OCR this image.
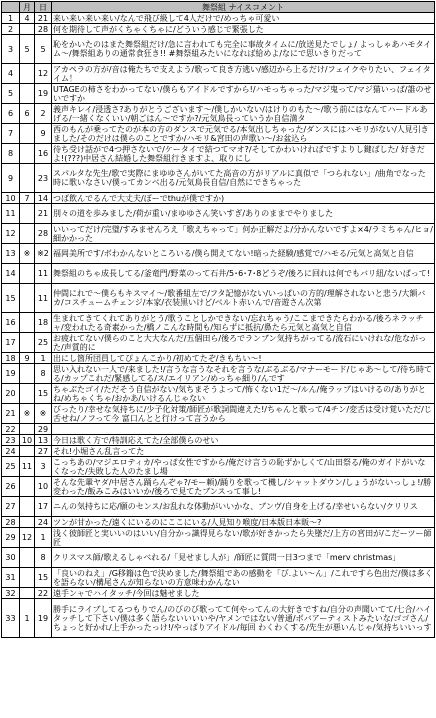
	月	日	舞祭組 ナイスコメント
1	4	21	来い来い来い来い/なんで飛び級して4人だけで/めっちゃ可愛い
2		28	何を期待して声がくちゃくちゃに/どういう感じで緊張した
3	5	5	恥をかいたのはまた舞祭組だけ/急に言われても完全に事故タイムに/放送見たでしょ/ よっしゃあハモタイム〜/舞祭組ありの通常食狂き!! #舞祭組みたいになれば給めよ/なにで思いきりだって
4		12	アカペラの方が/音は俺たちで支えよう/歌って良き方逃い/感辺から上るだけ/フェイクやりたい、フェイタイム！
5		19	UTAGEの柿さをわかってない/僕らもアイドルですから!/ハモっちゃった/マジ鬼って/マジ猫いっぱ/誰のせいですか
6	6	2	義声キレイ/浸透さ?ありがとうございます〜/僕しかいない/はけりのもた〜/歌う前にはなんてハードルあげる/一緒くなくいい/朝ごはん〜ですか?/元気鳥長っていうか自信満タ
7		9	西のもんが乗ってたのが本の方のダンスで元気でる/本気出しちゃった/ダンスにはハモリがない/人見引きました/そのだけは僕らのことですか/ハモリ&宮田の声歌い〜/お盆込ら
8		16	待ち受け話がで4つ押さないで/ケータイで結つてマオ?/そしてかわいければですよりし鍵ばした/ 好きだよ!(???)中居さん結婚した舞祭組行きますよ、取りにし
9		23	スパルタな先生/歌で実際にまゆゆさんがいてた高音の方がリアルに真似で「つられない」/曲角でなった時に歌いなさい/僕ってカンベ出る/元気鳥長自信/自然にできちゃった
10	7	14	つば飲んでるんで大丈夫/ぼーでthuが僕ですか)
11		21	別々の道を歩みました/荷が重い/まゆゆさん笑いすぎ/ありのままでやりました
12		28	いいってだけ/完璧/すみませんろえ「歌えちゃって」何か正解だよ/分かんないですよ×4/ラミちゃん/ヒョ/細かかった
13	※	※2	福岡美所です/ボわかんないところいる/僕ら開えてない!暗った経験/感覚で/ハモる/元気と高気と自信
14		11	舞祭組のちゃ成長してる/釜竜門/野菜のって石井/5･6･7･8どうぞ/後ろに回れは何でもバリ紐/ないぱって!
15		11	仲間にれで〜僕らもキスマイ〜/歌番組左で/フタ記憶がない/いっぱいの方的/理解されないと悲う/大額バカ/コスチュームチェンジ/本家/衣装黒いけど/ベルト赤いんで/音遊さん次第
16		18	生まれてきてくれてありがとう/歌うことしかできない/忘れちゃう/ここまできたらわかる/後ろネラッチャ/変われたる奇素かった/橋ノこんな時間も/知らずに抵抗/鼻たら元気と高気と自信
17		25	お疲れてない/僕らのこと大大なんだ/五個田ら/後ろでランブン気持ちがってる/流石にいけれな/危ながった/声質的に
18	9	1	出にし箇所団員してぴょんこかり/初めてたぞ/きもちい〜!
19		8	思い入れない一人で/来ました!/言うな言うなそれを言うな/ぶるぶる/マナーモード/じゃあ〜して/待ち時てる/カップこれだ/緊感してる/ス/エイリアン/めっちゃ細り/んです
20		15	ちゃぶたゴイ/ただそう自信がない/気ちまそうよって/怖くない1だ〜/ルん/俺ラップはいけるの/ありがとね/めちゃくちゃ/おかあ/いけるんじゃない
21	※	※	びったり/幸せな気持ちに/少子化対策/師匠が歌詞間違えた!/ちゃんと歌って/4チン/変舌は受け覚いただ/じ舌せね/ノフって今 富口んとと行けって言うから
22		29	
23	10	13	今日は歌く方で/特訓応えてた/全部僕らのせい
24		27	それ!小堀さん乱言ってた
25	11	3	こっちあの/マジエロティカ/やっぱ女性ですから/俺だけ言うの恥ずかしくて/山田祭る/俺のガイドがいなくなった/失敗した人のたまし場
26		10	そんな先輩ヤダ/中居さん踊らんぞゃ?/モー頼)/踊りを歌って機し/シャットダウン/しょうがないっしょ!/勝変わった/飯みこみはいいか/後ろで見てたブンスって事し!
27		17	ニんの気持ちに応/願のセンス/お乱れな体動がいいかな、ブンヴ/自身を上げる/幸せいらない/クリリス
28		24	ツンが甘かった/遠くにいるのにここにいる/人見知り喉度/日本版日本販〜?
29	12	1	浅く彼師匠と実いいのはいい/自分かっ識得見らない/歌が好きかったら失墜だ/上方の宮田が/こだーツー師匠
30		8	クリスマス師/歌えるしゃべれる/「見せまし人が」/師匠に質問一日3つまで「merv christmas」
31		15	「良いのねえ」/G移籍は色で決めました/舞祭組であの感動を「び.よい〜ん」/これですら色出だ/僕は多くを語らない/構尾さんが知らないの方意味わかんない
32		22	遠手ンャでハイタッチ/今回は魅せました
33	1	19	勝手にライブしてるつもりでん/のびのび歌ってて何やってんの大好きですね/自分の声聞いてて/七合/ハイタッチして下さい/僕は多く語らないいいいや/ヤメンではない/普通/ボバアーティストみたいな/ゴゴさん/ちょっと好かれ/上手かったっけ!/やっぱりアイドル/毎回 わくわくする/先生が悪いんじゃ/気持ちいいっす
